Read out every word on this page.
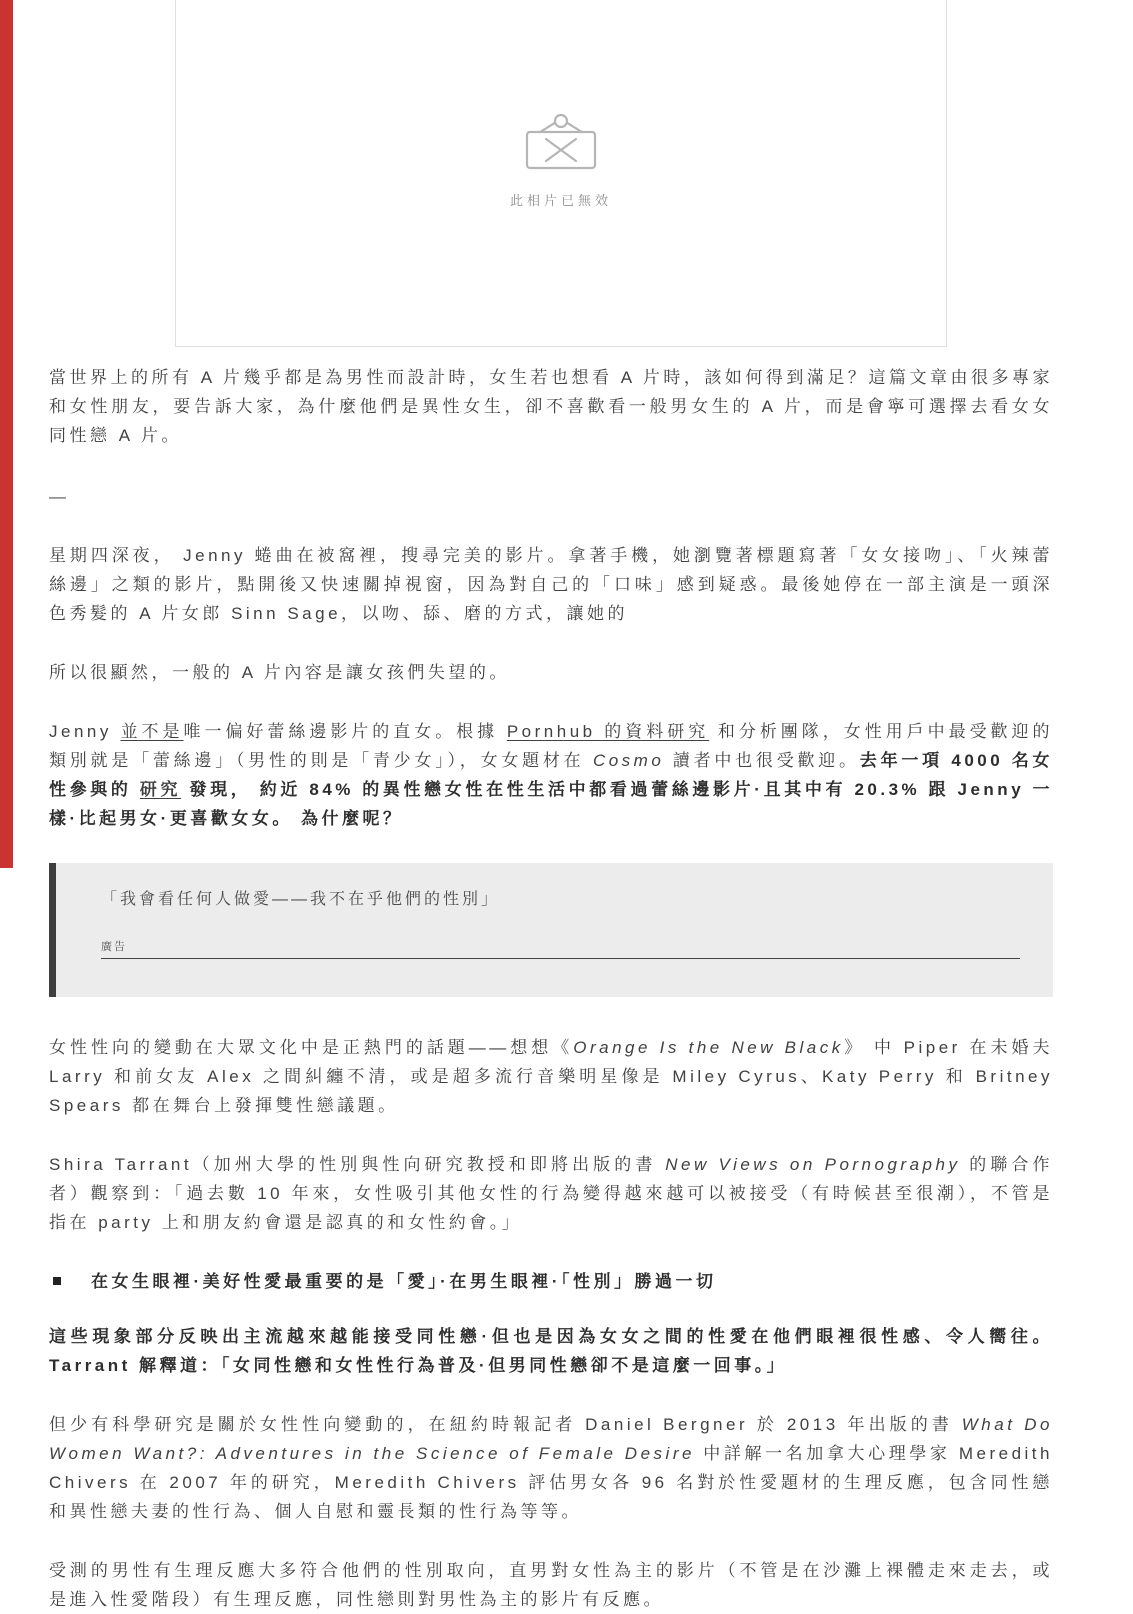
此相片已無效

當世界上的所有 A 片幾乎都是為男性而設計時，女生若也想看 A 片時，該如何得到滿足？這篇文章由很多專家和女性朋友，要告訴大家，為什麼他們是異性女生，卻不喜歡看一般男女生的 A 片，而是會寧可選擇去看女女同性戀 A 片。

—

星期四深夜， Jenny 蜷曲在被窩裡，搜尋完美的影片。拿著手機，她瀏覽著標題寫著「女女接吻」、「火辣蕾絲邊」之類的影片，點開後又快速關掉視窗，因為對自己的「口味」感到疑惑。最後她停在一部主演是一頭深色秀髮的 A 片女郎 Sinn Sage，以吻、舔、磨的方式，讓她的

所以很顯然，一般的 A 片內容是讓女孩們失望的。

Jenny 並不是唯一偏好蕾絲邊影片的直女。根據 Pornhub 的資料研究 和分析團隊，女性用戶中最受歡迎的類別就是「蕾絲邊」（男性的則是「青少女」），女女題材在 Cosmo 讀者中也很受歡迎。去年一項 4000 名女性參與的 研究 發現， 約近 84% 的異性戀女性在性生活中都看過蕾絲邊影片·且其中有 20.3% 跟 Jenny 一樣·比起男女·更喜歡女女。 為什麼呢？

「我會看任何人做愛——我不在乎他們的性別」

廣告

女性性向的變動在大眾文化中是正熱門的話題——想想《Orange Is the New Black》 中 Piper 在未婚夫 Larry 和前女友 Alex 之間糾纏不清，或是超多流行音樂明星像是 Miley Cyrus、Katy Perry 和 Britney Spears 都在舞台上發揮雙性戀議題。

Shira Tarrant（加州大學的性別與性向研究教授和即將出版的書 New Views on Pornography 的聯合作者）觀察到：「過去數 10 年來，女性吸引其他女性的行為變得越來越可以被接受（有時候甚至很潮），不管是指在 party 上和朋友約會還是認真的和女性約會。」

在女生眼裡·美好性愛最重要的是「愛」·在男生眼裡·「性別」勝過一切

這些現象部分反映出主流越來越能接受同性戀·但也是因為女女之間的性愛在他們眼裡很性感、令人嚮往。Tarrant 解釋道：「女同性戀和女性性行為普及·但男同性戀卻不是這麼一回事。」

但少有科學研究是關於女性性向變動的，在紐約時報記者 Daniel Bergner 於 2013 年出版的書 What Do Women Want?: Adventures in the Science of Female Desire 中詳解一名加拿大心理學家 Meredith Chivers 在 2007 年的研究，Meredith Chivers 評估男女各 96 名對於性愛題材的生理反應，包含同性戀和異性戀夫妻的性行為、個人自慰和靈長類的性行為等等。

受測的男性有生理反應大多符合他們的性別取向，直男對女性為主的影片（不管是在沙灘上裸體走來走去，或是進入性愛階段）有生理反應，同性戀則對男性為主的影片有反應。
